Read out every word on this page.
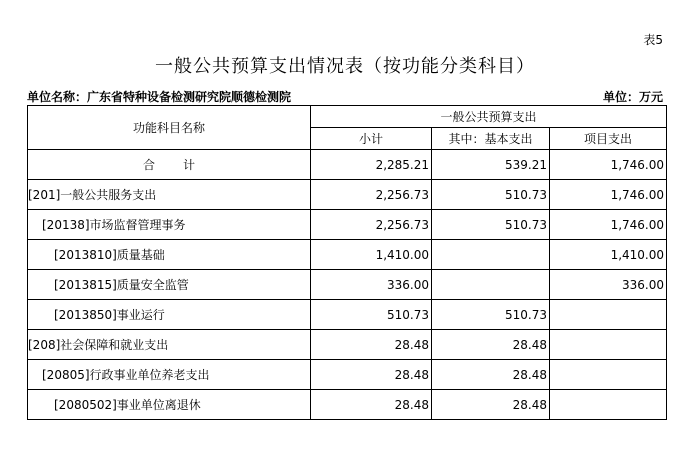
表5
一般公共预算支出情况表（按功能分类科目）
单位名称：广东省特种设备检测研究院顺德检测院	单位：万元
功能科目名称	一般公共预算支出		
	小计	其中：基本支出	项目支出
合计	2,285.21	539.21	1,746.00
[201]一般公共服务支出	2,256.73	510.73	1,746.00
[20138]市场监督管理事务	2,256.73	510.73	1,746.00
[2013810]质量基础	1,410.00		1,410.00
[2013815]质量安全监管	336.00		336.00
[2013850]事业运行	510.73	510.73	
[208]社会保障和就业支出	28.48	28.48	
[20805]行政事业单位养老支出	28.48	28.48	
[2080502]事业单位离退休	28.48	28.48	
